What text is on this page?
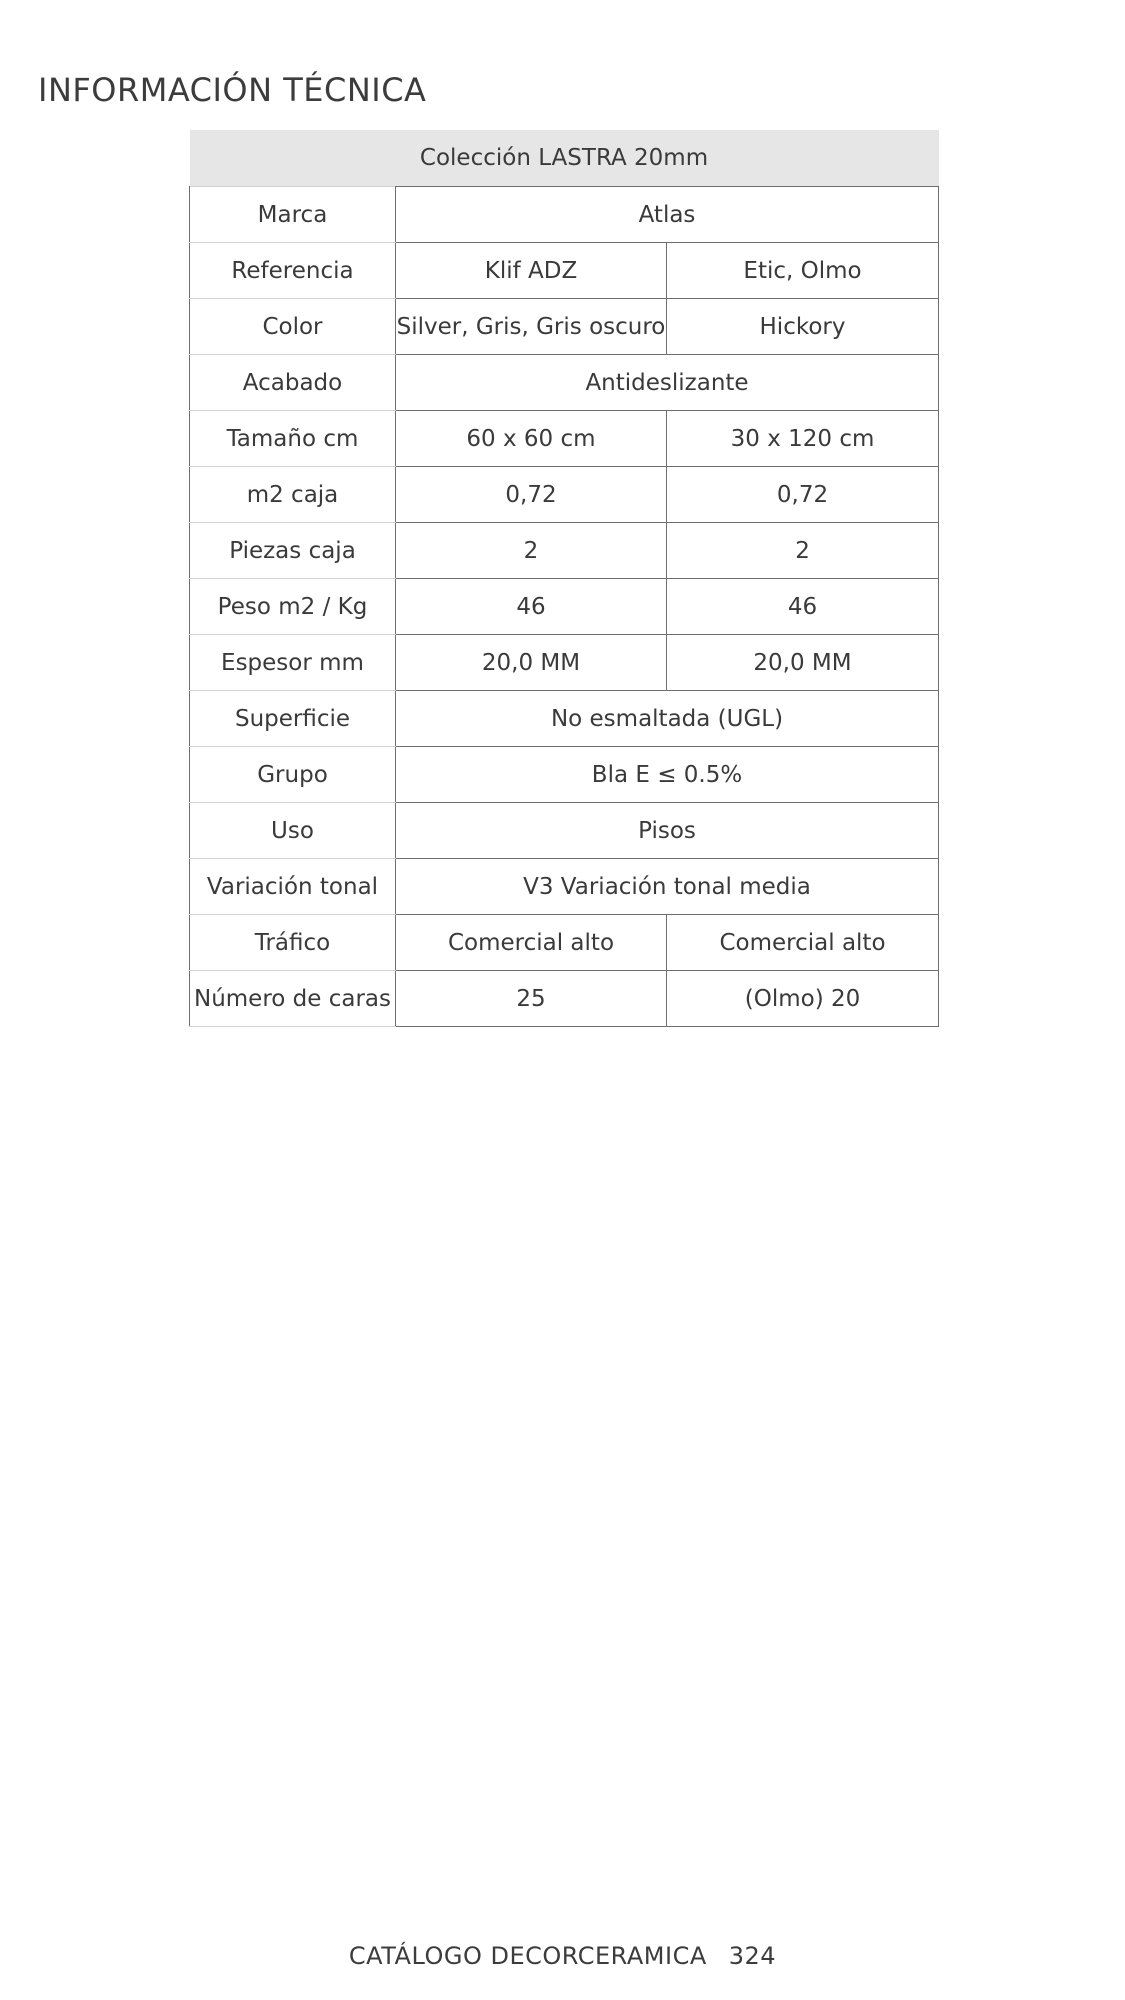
INFORMACIÓN TÉCNICA
Colección LASTRA 20mm		
Marca	Atlas	
Referencia	Klif ADZ	Etic, Olmo
Color	Silver, Gris, Gris oscuro	Hickory
Acabado	Antideslizante	
Tamaño cm	60 x 60 cm	30 x 120 cm
m2 caja	0,72	0,72
Piezas caja	2	2
Peso m2 / Kg	46	46
Espesor mm	20,0 MM	20,0 MM
Superficie	No esmaltada (UGL)	
Grupo	Bla E ≤ 0.5%	
Uso	Pisos	
Variación tonal	V3 Variación tonal media	
Tráfico	Comercial alto	Comercial alto
Número de caras	25	(Olmo) 20
CATÁLOGO DECORCERAMICA 324
